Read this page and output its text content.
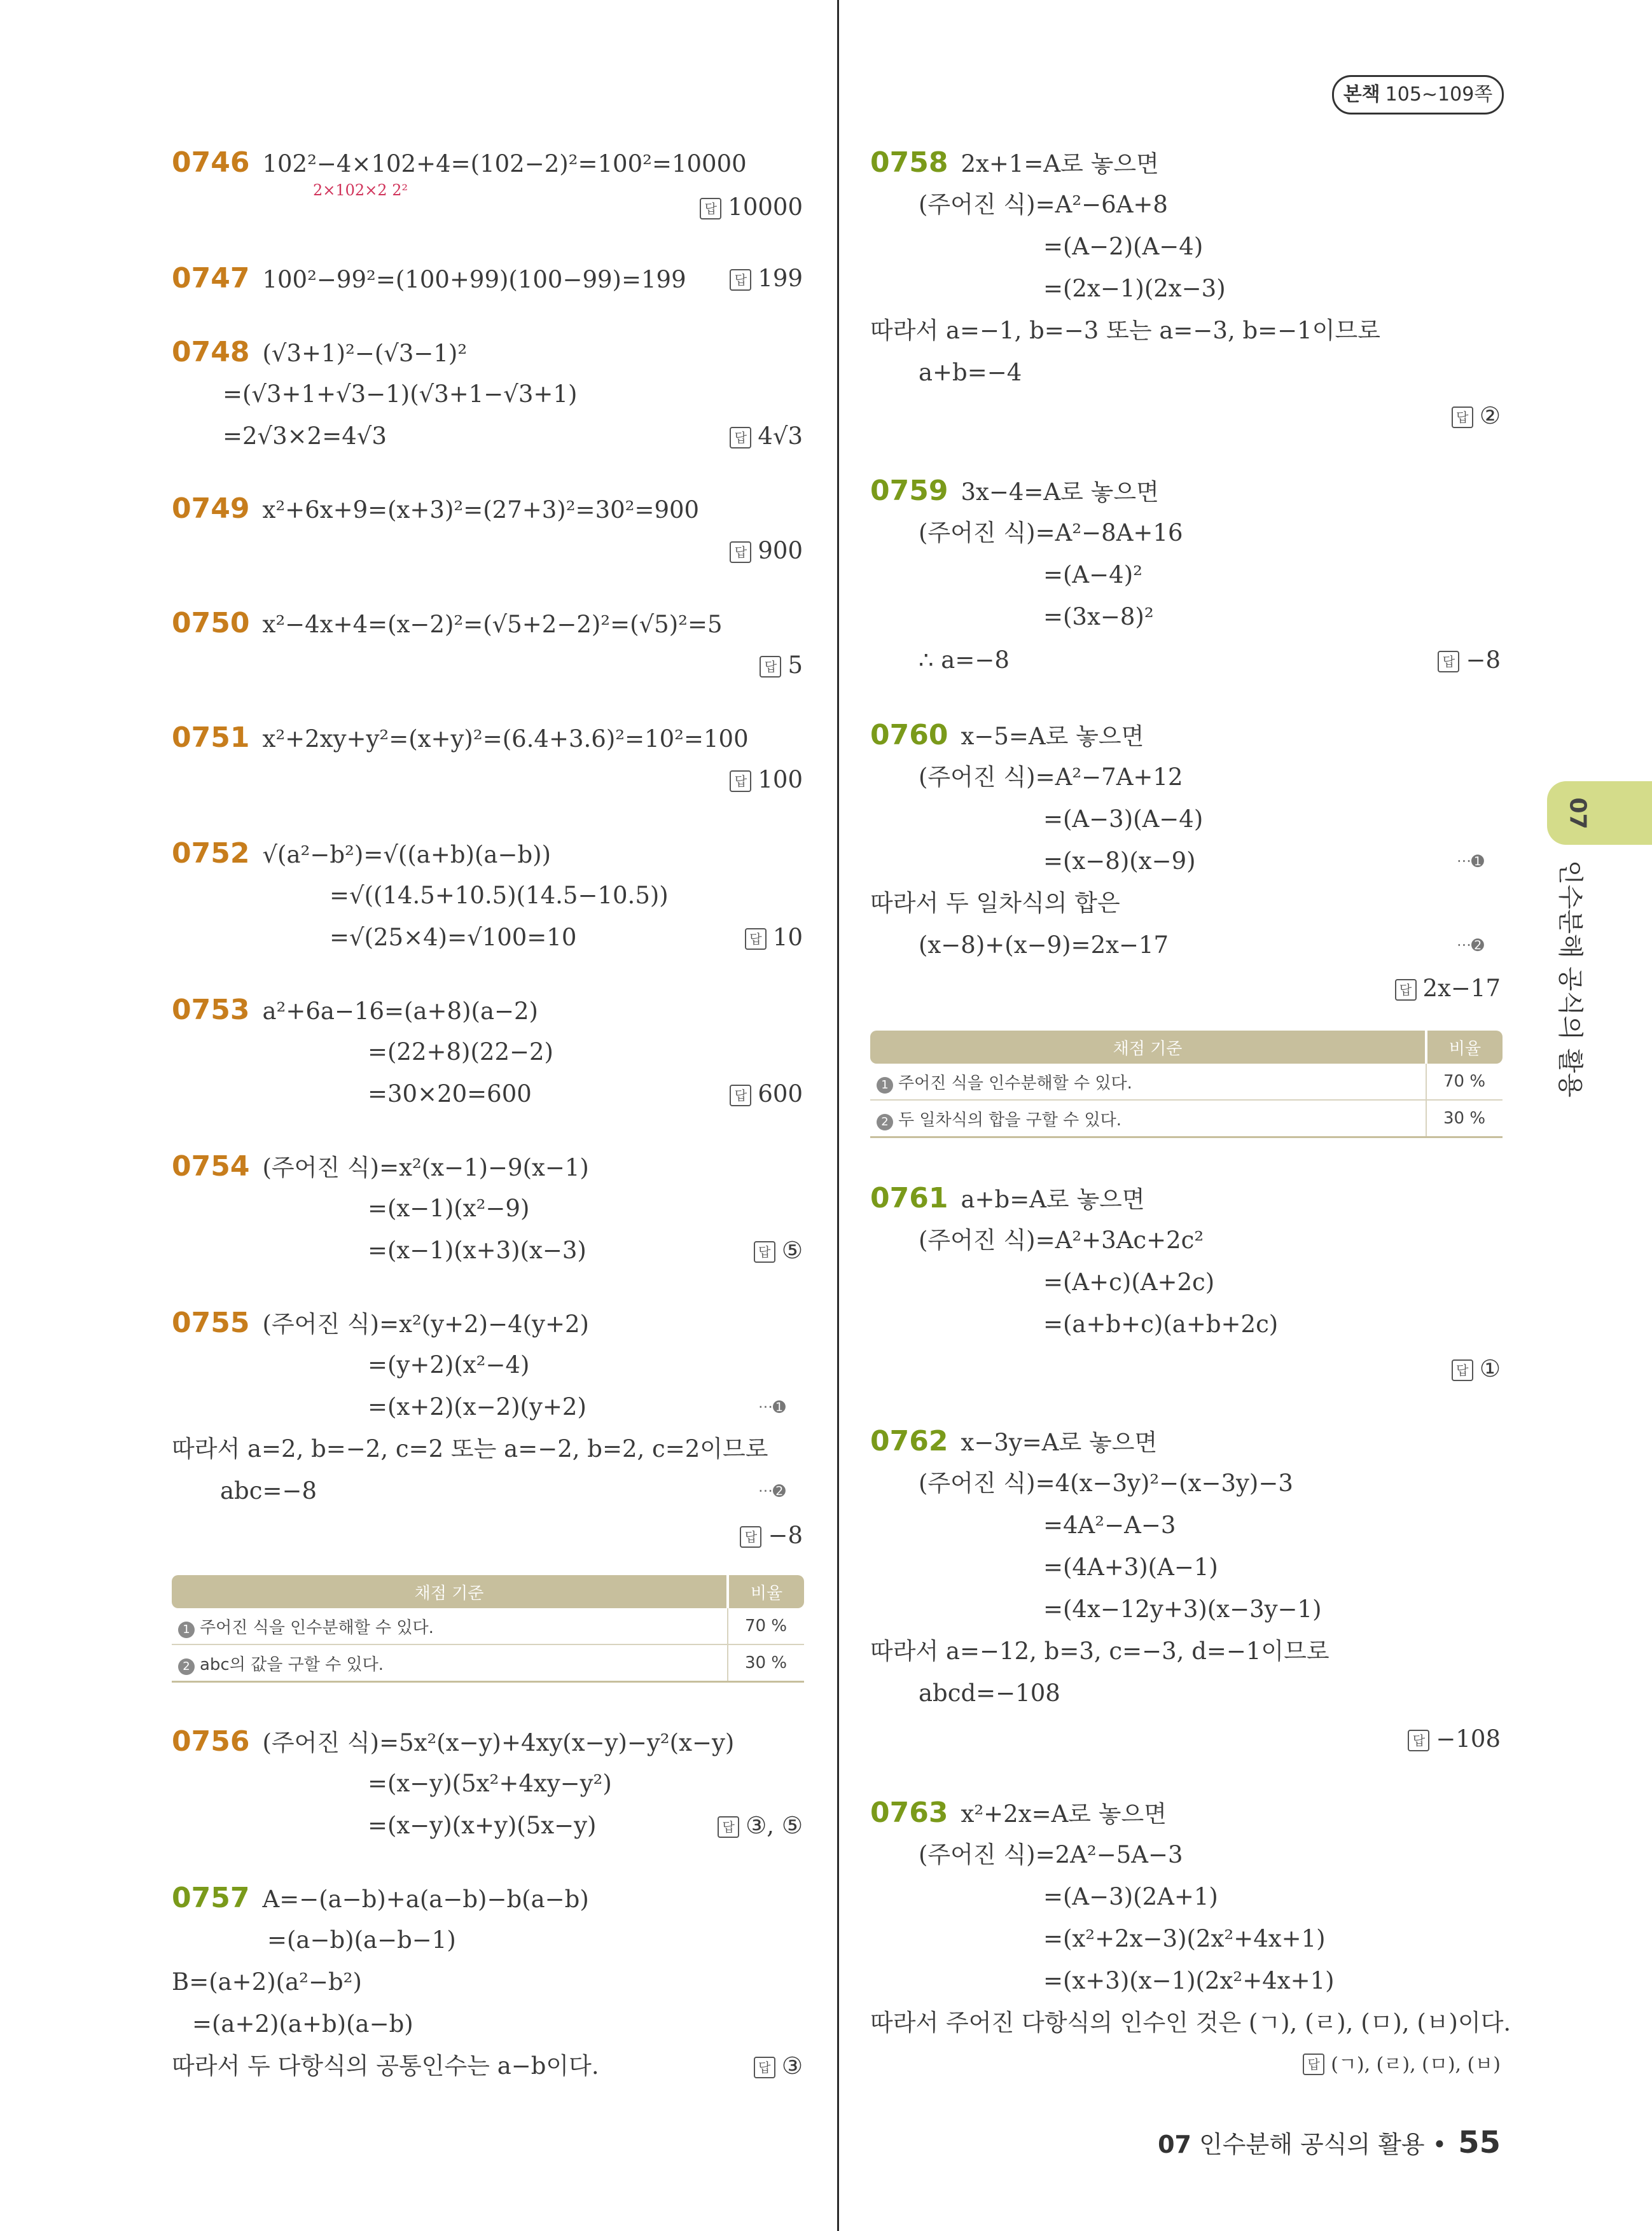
본책 105∼109쪽
0746 102²−4×102+4=(102−2)²=100²=10000
2×102×2 2²
답 10000
0747 100²−99²=(100+99)(100−99)=199	답 199
0748 (√3+1)²−(√3−1)²
=(√3+1+√3−1)(√3+1−√3+1)
=2√3×2=4√3	답 4√3
0749 x²+6x+9=(x+3)²=(27+3)²=30²=900
답 900
0750 x²−4x+4=(x−2)²=(√5+2−2)²=(√5)²=5
답 5
0751 x²+2xy+y²=(x+y)²=(6.4+3.6)²=10²=100
답 100
0752 √(a²−b²)=√((a+b)(a−b))
=√((14.5+10.5)(14.5−10.5))
=√(25×4)=√100=10	답 10
0753 a²+6a−16=(a+8)(a−2)
=(22+8)(22−2)
=30×20=600	답 600
0754 (주어진 식)=x²(x−1)−9(x−1)
=(x−1)(x²−9)
=(x−1)(x+3)(x−3)	답 ⑤
0755 (주어진 식)=x²(y+2)−4(y+2)
=(y+2)(x²−4)
=(x+2)(x−2)(y+2)	···➊
따라서 a=2, b=−2, c=2 또는 a=−2, b=2, c=2이므로
abc=−8	···➋
답 −8
채점 기준	비율
1 주어진 식을 인수분해할 수 있다.	70 %
2 abc의 값을 구할 수 있다.	30 %
0756 (주어진 식)=5x²(x−y)+4xy(x−y)−y²(x−y)
=(x−y)(5x²+4xy−y²)
=(x−y)(x+y)(5x−y)	답 ③, ⑤
0757 A=−(a−b)+a(a−b)−b(a−b)
=(a−b)(a−b−1)
B=(a+2)(a²−b²)
=(a+2)(a+b)(a−b)
따라서 두 다항식의 공통인수는 a−b이다.	답 ③
0758 2x+1=A로 놓으면
(주어진 식)=A²−6A+8
=(A−2)(A−4)
=(2x−1)(2x−3)
따라서 a=−1, b=−3 또는 a=−3, b=−1이므로
a+b=−4
답 ②
0759 3x−4=A로 놓으면
(주어진 식)=A²−8A+16
=(A−4)²
=(3x−8)²
∴ a=−8	답 −8
0760 x−5=A로 놓으면
(주어진 식)=A²−7A+12
=(A−3)(A−4)
=(x−8)(x−9)	···➊
따라서 두 일차식의 합은
(x−8)+(x−9)=2x−17	···➋
답 2x−17
채점 기준	비율
1 주어진 식을 인수분해할 수 있다.	70 %
2 두 일차식의 합을 구할 수 있다.	30 %
0761 a+b=A로 놓으면
(주어진 식)=A²+3Ac+2c²
=(A+c)(A+2c)
=(a+b+c)(a+b+2c)
답 ①
0762 x−3y=A로 놓으면
(주어진 식)=4(x−3y)²−(x−3y)−3
=4A²−A−3
=(4A+3)(A−1)
=(4x−12y+3)(x−3y−1)
따라서 a=−12, b=3, c=−3, d=−1이므로
abcd=−108
답 −108
0763 x²+2x=A로 놓으면
(주어진 식)=2A²−5A−3
=(A−3)(2A+1)
=(x²+2x−3)(2x²+4x+1)
=(x+3)(x−1)(2x²+4x+1)
따라서 주어진 다항식의 인수인 것은 (ㄱ), (ㄹ), (ㅁ), (ㅂ)이다.
답 (ㄱ), (ㄹ), (ㅁ), (ㅂ)
07
인수분해 공식의 활용
07 인수분해 공식의 활용 • 55
